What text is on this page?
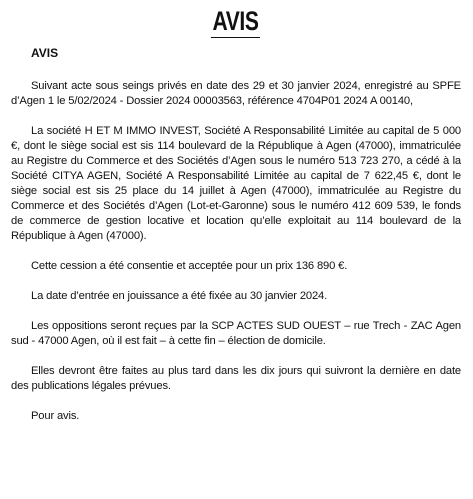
AVIS
AVIS

Suivant acte sous seings privés en date des 29 et 30 janvier 2024, enregistré au SPFE d’Agen 1 le 5/02/2024 - Dossier 2024 00003563, référence 4704P01 2024 A 00140,

La société H ET M IMMO INVEST, Société A Responsabilité Limitée au capital de 5 000 €, dont le siège social est sis 114 boulevard de la République à Agen (47000), immatriculée au Registre du Commerce et des Sociétés d’Agen sous le numéro 513 723 270, a cédé à la Société CITYA AGEN, Société A Responsabilité Limitée au capital de 7 622,45 €, dont le siège social est sis 25 place du 14 juillet à Agen (47000), immatriculée au Registre du Commerce et des Sociétés d’Agen (Lot-et-Garonne) sous le numéro 412 609 539, le fonds de commerce de gestion locative et location qu’elle exploitait au 114 boulevard de la République à Agen (47000).

Cette cession a été consentie et acceptée pour un prix 136 890 €.

La date d’entrée en jouissance a été fixée au 30 janvier 2024.

Les oppositions seront reçues par la SCP ACTES SUD OUEST – rue Trech - ZAC Agen sud - 47000 Agen, où il est fait – à cette fin – élection de domicile.

Elles devront être faites au plus tard dans les dix jours qui suivront la dernière en date des publications légales prévues.

Pour avis.
